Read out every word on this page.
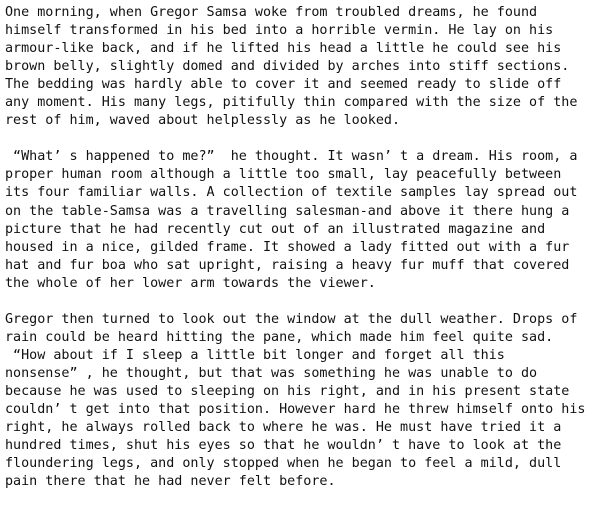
One morning, when Gregor Samsa woke from troubled dreams, he found
himself transformed in his bed into a horrible vermin. He lay on his
armour-like back, and if he lifted his head a little he could see his
brown belly, slightly domed and divided by arches into stiff sections.
The bedding was hardly able to cover it and seemed ready to slide off
any moment. His many legs, pitifully thin compared with the size of the
rest of him, waved about helplessly as he looked.
“What’ s happened to me?”  he thought. It wasn’ t a dream. His room, a
proper human room although a little too small, lay peacefully between
its four familiar walls. A collection of textile samples lay spread out
on the table-Samsa was a travelling salesman-and above it there hung a
picture that he had recently cut out of an illustrated magazine and
housed in a nice, gilded frame. It showed a lady fitted out with a fur
hat and fur boa who sat upright, raising a heavy fur muff that covered
the whole of her lower arm towards the viewer.
Gregor then turned to look out the window at the dull weather. Drops of
rain could be heard hitting the pane, which made him feel quite sad.
“How about if I sleep a little bit longer and forget all this
nonsense” , he thought, but that was something he was unable to do
because he was used to sleeping on his right, and in his present state
couldn’ t get into that position. However hard he threw himself onto his
right, he always rolled back to where he was. He must have tried it a
hundred times, shut his eyes so that he wouldn’ t have to look at the
floundering legs, and only stopped when he began to feel a mild, dull
pain there that he had never felt before.
